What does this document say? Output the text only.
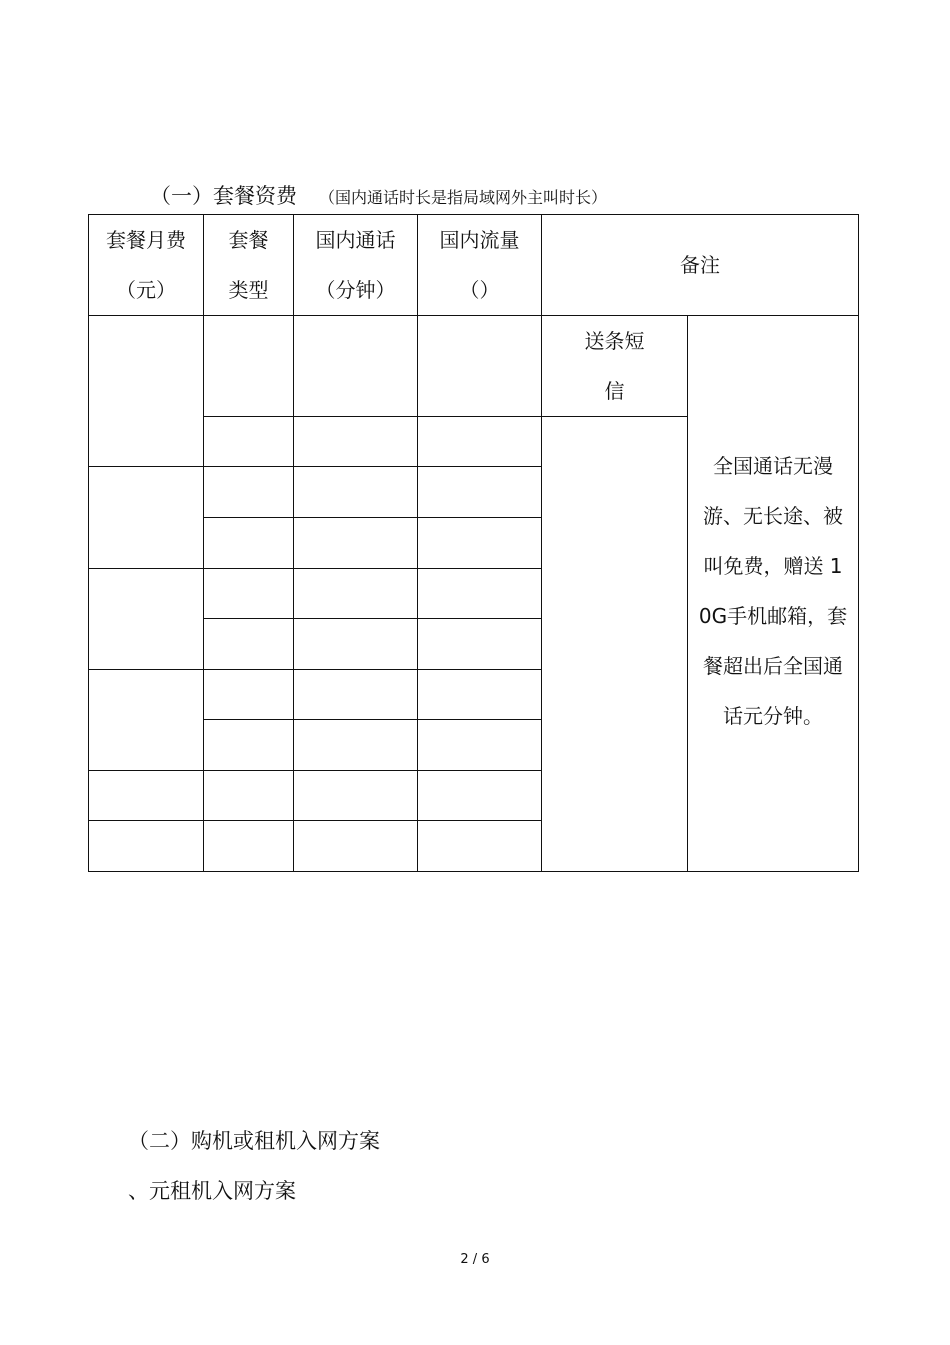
（一）套餐资费 （国内通话时长是指局域网外主叫时长）
套餐月费（元）	套餐类型	国内通话（分钟）	国内流量（）	备注	

				送条短信	全国通话无漫游、无长途、被叫免费，赠送 10G手机邮箱，套餐超出后全国通话元分钟。

（二）购机或租机入网方案
、元租机入网方案
2 / 6
